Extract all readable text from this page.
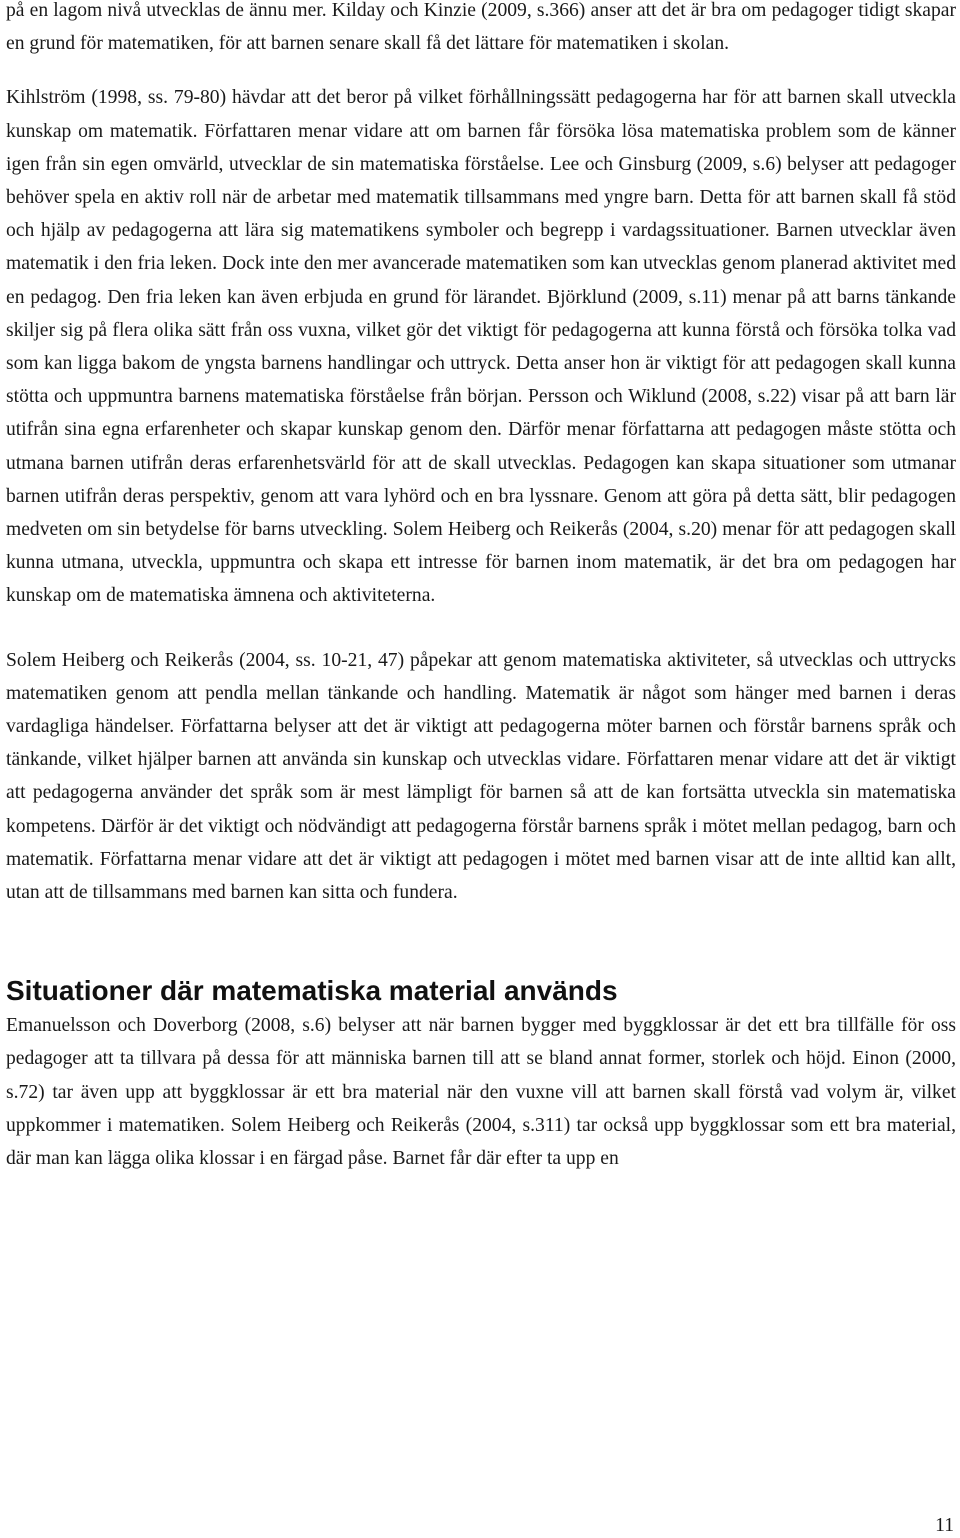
på en lagom nivå utvecklas de ännu mer. Kilday och Kinzie (2009, s.366) anser att det är bra om pedagoger tidigt skapar en grund för matematiken, för att barnen senare skall få det lättare för matematiken i skolan.

Kihlström (1998, ss. 79-80) hävdar att det beror på vilket förhållningssätt pedagogerna har för att barnen skall utveckla kunskap om matematik. Författaren menar vidare att om barnen får försöka lösa matematiska problem som de känner igen från sin egen omvärld, utvecklar de sin matematiska förståelse. Lee och Ginsburg (2009, s.6) belyser att pedagoger behöver spela en aktiv roll när de arbetar med matematik tillsammans med yngre barn. Detta för att barnen skall få stöd och hjälp av pedagogerna att lära sig matematikens symboler och begrepp i vardagssituationer. Barnen utvecklar även matematik i den fria leken. Dock inte den mer avancerade matematiken som kan utvecklas genom planerad aktivitet med en pedagog. Den fria leken kan även erbjuda en grund för lärandet. Björklund (2009, s.11) menar på att barns tänkande skiljer sig på flera olika sätt från oss vuxna, vilket gör det viktigt för pedagogerna att kunna förstå och försöka tolka vad som kan ligga bakom de yngsta barnens handlingar och uttryck. Detta anser hon är viktigt för att pedagogen skall kunna stötta och uppmuntra barnens matematiska förståelse från början. Persson och Wiklund (2008, s.22) visar på att barn lär utifrån sina egna erfarenheter och skapar kunskap genom den. Därför menar författarna att pedagogen måste stötta och utmana barnen utifrån deras erfarenhetsvärld för att de skall utvecklas. Pedagogen kan skapa situationer som utmanar barnen utifrån deras perspektiv, genom att vara lyhörd och en bra lyssnare. Genom att göra på detta sätt, blir pedagogen medveten om sin betydelse för barns utveckling. Solem Heiberg och Reikerås (2004, s.20) menar för att pedagogen skall kunna utmana, utveckla, uppmuntra och skapa ett intresse för barnen inom matematik, är det bra om pedagogen har kunskap om de matematiska ämnena och aktiviteterna.

Solem Heiberg och Reikerås (2004, ss. 10-21, 47) påpekar att genom matematiska aktiviteter, så utvecklas och uttrycks matematiken genom att pendla mellan tänkande och handling. Matematik är något som hänger med barnen i deras vardagliga händelser. Författarna belyser att det är viktigt att pedagogerna möter barnen och förstår barnens språk och tänkande, vilket hjälper barnen att använda sin kunskap och utvecklas vidare. Författaren menar vidare att det är viktigt att pedagogerna använder det språk som är mest lämpligt för barnen så att de kan fortsätta utveckla sin matematiska kompetens. Därför är det viktigt och nödvändigt att pedagogerna förstår barnens språk i mötet mellan pedagog, barn och matematik. Författarna menar vidare att det är viktigt att pedagogen i mötet med barnen visar att de inte alltid kan allt, utan att de tillsammans med barnen kan sitta och fundera.

Situationer där matematiska material används

Emanuelsson och Doverborg (2008, s.6) belyser att när barnen bygger med byggklossar är det ett bra tillfälle för oss pedagoger att ta tillvara på dessa för att människa barnen till att se bland annat former, storlek och höjd. Einon (2000, s.72) tar även upp att byggklossar är ett bra material när den vuxne vill att barnen skall förstå vad volym är, vilket uppkommer i matematiken. Solem Heiberg och Reikerås (2004, s.311) tar också upp byggklossar som ett bra material, där man kan lägga olika klossar i en färgad påse. Barnet får där efter ta upp en

11
